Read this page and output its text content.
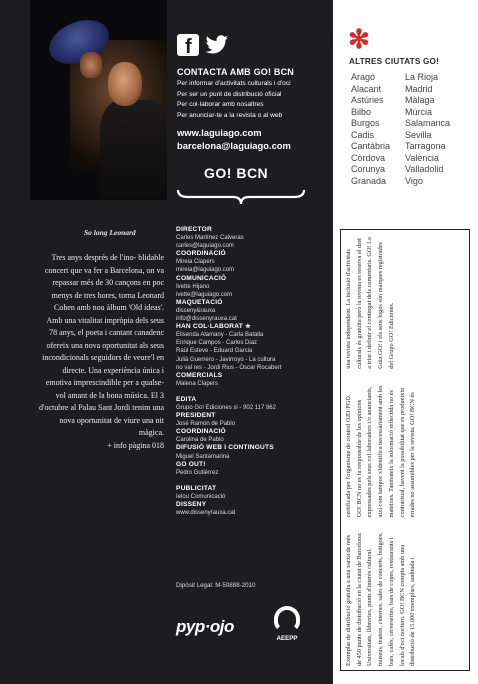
f
CONTACTA AMB GO! BCN
Per informar d'activitats culturals i d'oci
Per ser un punt de distribució oficial
Per col·laborar amb nosaltres
Per anunciar-te a la revista o al web
www.laguiago.com
barcelona@laguiago.com
GO! BCN
So long Leonard

Tres anys després de l'ino- blidable concert que va fer a Barcelona, on va repassar més de 30 cançons en poc menys de tres hores, torna Leonard Cohen amb nou àlbum 'Old ideas'.

Amb una vitalitat impròpia dels seus 78 anys, el poeta i cantant canadenc ofereix una nova oportunitat als seus incondicionals seguidors de veure'l en directe. Una experiència única i emotiva imprescindible per a qualse- vol amant de la bona música. El 3 d'octubre al Palau Sant Jordi tenim una nova oportunitat de viure una nit màgica.

+ info pàgina 018

DIRECTOR
Carles Martínez Calveras
carles@laguiago.com
COORDINACIÓ
Mireia Clapers
mireia@laguiago.com
COMUNICACIÓ
Ivette Hijano
ivette@laguiago.com
MAQUETACIÓ
disseny&rauxa
info@dissenyrauxa.cat
HAN COL·LABORAT ★
Elisenda Alamany - Carla Batalla
Enrique Campos - Carles Diaz
Raül Esteve - Eduard Garcia
Julià Guerrero - Javirroyo - La cultura
no val res - Jordi Rius - Òscar Rocabert
COMERCIALS
Malena Clapers
EDITA
Grupo Go! Ediciones sl - 902 117 862
PRESIDENT
José Ramón de Pablo
COORDINACIÓ
Carolina de Pablo
DIFUSIÓ WEB I CONTINGUTS
Miguel Santamarina
GO OUT!
Pedro Gutiérrez
PUBLICITAT
Ielou Comunicació
DISSENY
www.dissenyrauxa.cat
Dipòsit Legal: M-50888-2010
pyp·ojo
AEEPP
✻
ALTRES CIUTATS GO!
Aragó	La Rioja
Alacant	Madrid
Astúries	Màlaga
Bilbo	Múrcia
Burgos	Salamanca
Cadis	Sevilla
Cantàbria	Tarragona
Còrdova	València
Corunya	Valladolid
Granada	Vigo
Exemplar de distribució gratuïta a una xarxa de més de 450 punts de distribució en la ciutat de Barcelona: Universitats, llibreries, punts d'interès cultural, museus, teatres, cinemes, sales de concerts, botigues, bars, cafès, cerveseries, bars de copes, restaurants i locals d'oci nocturn. GO! BCN compta amb una distribució de 15.000 exemplars, auditada i certificada per l'organisme de control OJD/PGD. GO! BCN no es fa responsable de les opinions expressades pels seus col·laboradors i/o anunciants, així com tampoc s'identifica necessàriament amb les mateixes. Tanmateix la informació reflectida no és contractual, havent la possibilitat que es produeixin errades no assumibles per la revista. GO! BCN és una revista independent. La inclusió d'activitats culturals és gratuïta però la revista es reserva el dret a triar i definir el contingut dels comentaris. GO! La Guia GO! i els seus logos són marques registrades del Grupo GO! Ediciones.
